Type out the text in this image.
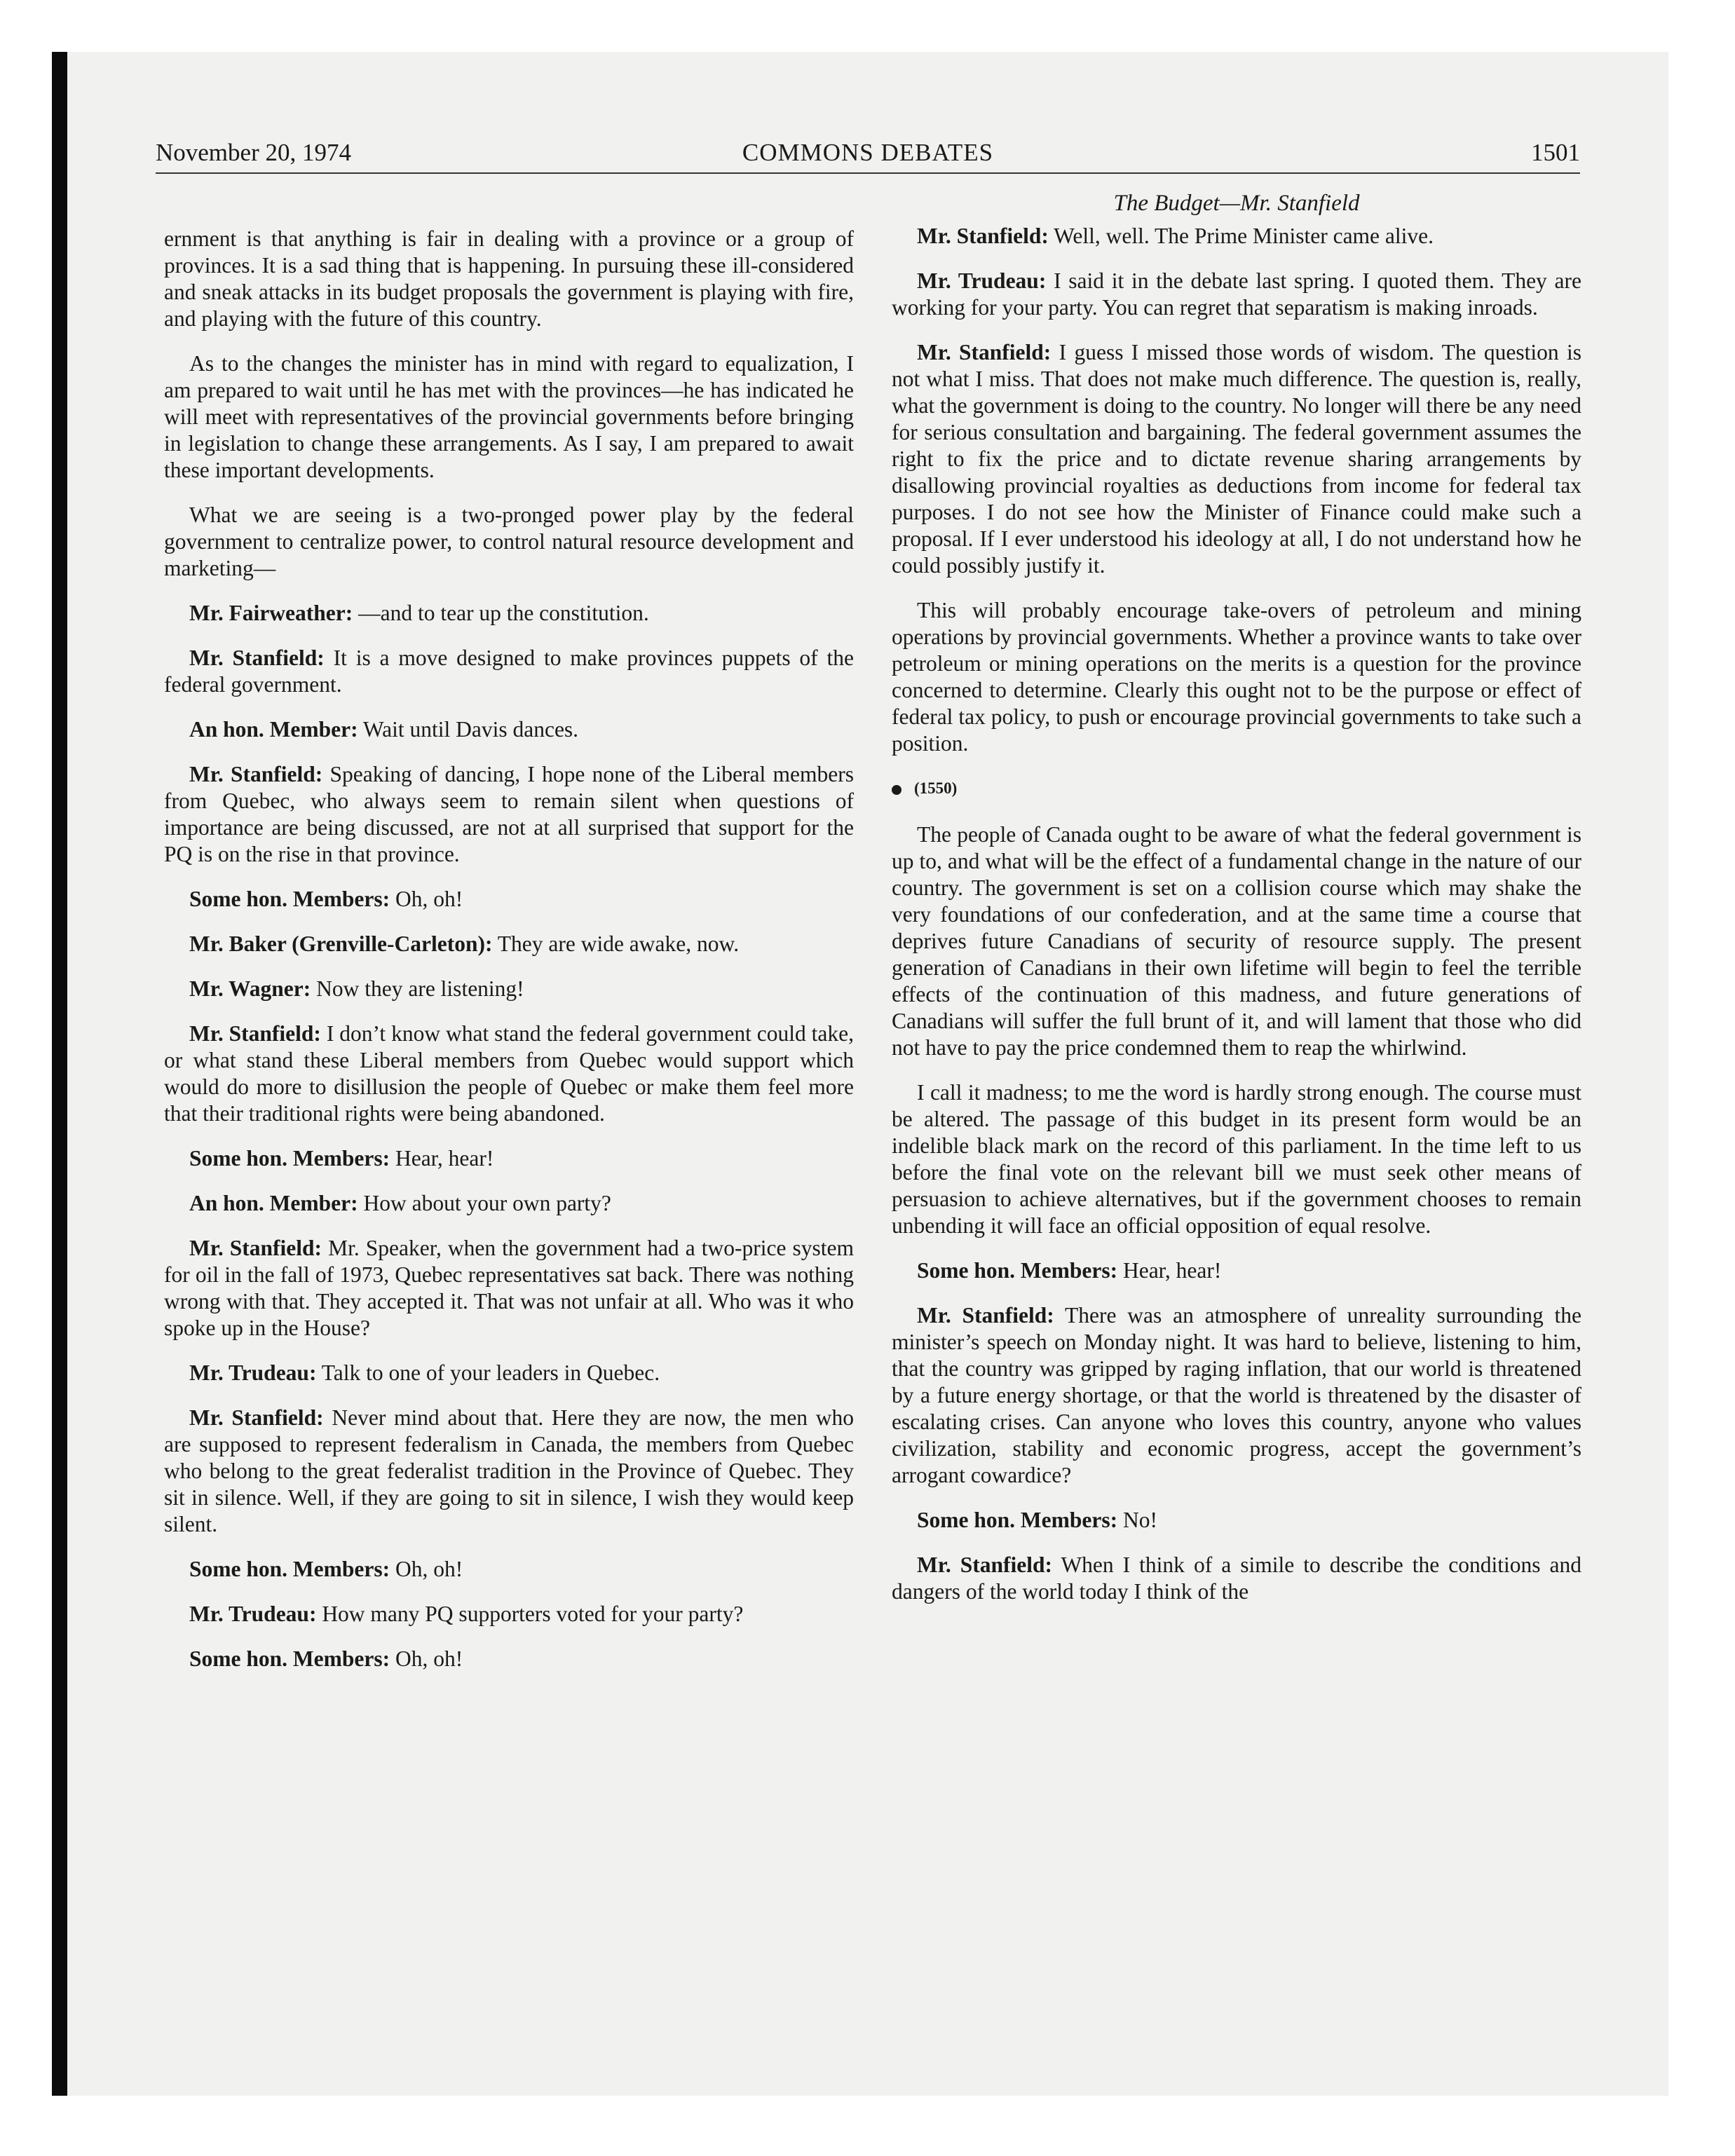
November 20, 1974	COMMONS DEBATES	1501

ernment is that anything is fair in dealing with a province or a group of provinces. It is a sad thing that is happening. In pursuing these ill-considered and sneak attacks in its budget proposals the government is playing with fire, and playing with the future of this country.

As to the changes the minister has in mind with regard to equalization, I am prepared to wait until he has met with the provinces—he has indicated he will meet with representatives of the provincial governments before bringing in legislation to change these arrangements. As I say, I am prepared to await these important developments.

What we are seeing is a two-pronged power play by the federal government to centralize power, to control natural resource development and marketing—

Mr. Fairweather: —and to tear up the constitution.

Mr. Stanfield: It is a move designed to make provinces puppets of the federal government.

An hon. Member: Wait until Davis dances.

Mr. Stanfield: Speaking of dancing, I hope none of the Liberal members from Quebec, who always seem to remain silent when questions of importance are being discussed, are not at all surprised that support for the PQ is on the rise in that province.

Some hon. Members: Oh, oh!

Mr. Baker (Grenville-Carleton): They are wide awake, now.

Mr. Wagner: Now they are listening!

Mr. Stanfield: I don’t know what stand the federal government could take, or what stand these Liberal members from Quebec would support which would do more to disillusion the people of Quebec or make them feel more that their traditional rights were being abandoned.

Some hon. Members: Hear, hear!

An hon. Member: How about your own party?

Mr. Stanfield: Mr. Speaker, when the government had a two-price system for oil in the fall of 1973, Quebec representatives sat back. There was nothing wrong with that. They accepted it. That was not unfair at all. Who was it who spoke up in the House?

Mr. Trudeau: Talk to one of your leaders in Quebec.

Mr. Stanfield: Never mind about that. Here they are now, the men who are supposed to represent federalism in Canada, the members from Quebec who belong to the great federalist tradition in the Province of Quebec. They sit in silence. Well, if they are going to sit in silence, I wish they would keep silent.

Some hon. Members: Oh, oh!

Mr. Trudeau: How many PQ supporters voted for your party?

Some hon. Members: Oh, oh!

The Budget—Mr. Stanfield

Mr. Stanfield: Well, well. The Prime Minister came alive.

Mr. Trudeau: I said it in the debate last spring. I quoted them. They are working for your party. You can regret that separatism is making inroads.

Mr. Stanfield: I guess I missed those words of wisdom. The question is not what I miss. That does not make much difference. The question is, really, what the government is doing to the country. No longer will there be any need for serious consultation and bargaining. The federal government assumes the right to fix the price and to dictate revenue sharing arrangements by disallowing provincial royalties as deductions from income for federal tax purposes. I do not see how the Minister of Finance could make such a proposal. If I ever understood his ideology at all, I do not understand how he could possibly justify it.

This will probably encourage take-overs of petroleum and mining operations by provincial governments. Whether a province wants to take over petroleum or mining operations on the merits is a question for the province concerned to determine. Clearly this ought not to be the purpose or effect of federal tax policy, to push or encourage provincial governments to take such a position.

(1550)

The people of Canada ought to be aware of what the federal government is up to, and what will be the effect of a fundamental change in the nature of our country. The government is set on a collision course which may shake the very foundations of our confederation, and at the same time a course that deprives future Canadians of security of resource supply. The present generation of Canadians in their own lifetime will begin to feel the terrible effects of the continuation of this madness, and future generations of Canadians will suffer the full brunt of it, and will lament that those who did not have to pay the price condemned them to reap the whirlwind.

I call it madness; to me the word is hardly strong enough. The course must be altered. The passage of this budget in its present form would be an indelible black mark on the record of this parliament. In the time left to us before the final vote on the relevant bill we must seek other means of persuasion to achieve alternatives, but if the government chooses to remain unbending it will face an official opposition of equal resolve.

Some hon. Members: Hear, hear!

Mr. Stanfield: There was an atmosphere of unreality surrounding the minister’s speech on Monday night. It was hard to believe, listening to him, that the country was gripped by raging inflation, that our world is threatened by a future energy shortage, or that the world is threatened by the disaster of escalating crises. Can anyone who loves this country, anyone who values civilization, stability and economic progress, accept the government’s arrogant cowardice?

Some hon. Members: No!

Mr. Stanfield: When I think of a simile to describe the conditions and dangers of the world today I think of the
